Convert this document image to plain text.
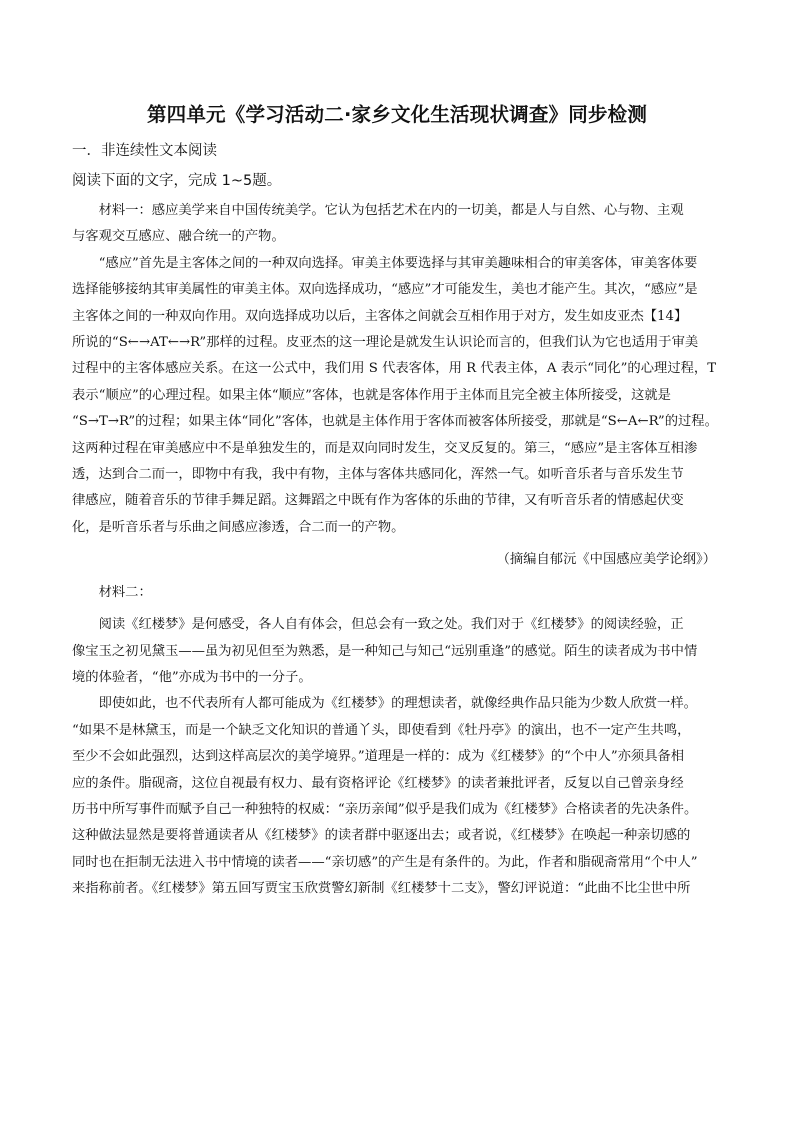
第四单元《学习活动二·家乡文化生活现状调查》同步检测
一．非连续性文本阅读
阅读下面的文字，完成 1~5题。

材料一：感应美学来自中国传统美学。它认为包括艺术在内的一切美，都是人与自然、心与物、主观

与客观交互感应、融合统一的产物。

“感应”首先是主客体之间的一种双向选择。审美主体要选择与其审美趣味相合的审美客体，审美客体要

选择能够接纳其审美属性的审美主体。双向选择成功，“感应”才可能发生，美也才能产生。其次，“感应”是

主客体之间的一种双向作用。双向选择成功以后，主客体之间就会互相作用于对方，发生如皮亚杰【14】

所说的“S←→AT←→R”那样的过程。皮亚杰的这一理论是就发生认识论而言的，但我们认为它也适用于审美

过程中的主客体感应关系。在这一公式中，我们用 S 代表客体，用 R 代表主体，A 表示“同化”的心理过程，T

表示“顺应”的心理过程。如果主体“顺应”客体，也就是客体作用于主体而且完全被主体所接受，这就是

“S→T→R”的过程；如果主体“同化”客体，也就是主体作用于客体而被客体所接受，那就是“S←A←R”的过程。

这两种过程在审美感应中不是单独发生的，而是双向同时发生，交叉反复的。第三，“感应”是主客体互相渗

透，达到合二而一，即物中有我，我中有物，主体与客体共感同化，浑然一气。如听音乐者与音乐发生节

律感应，随着音乐的节律手舞足蹈。这舞蹈之中既有作为客体的乐曲的节律，又有听音乐者的情感起伏变

化，是听音乐者与乐曲之间感应渗透，合二而一的产物。

（摘编自郁沅《中国感应美学论纲》）

材料二：

阅读《红楼梦》是何感受，各人自有体会，但总会有一致之处。我们对于《红楼梦》的阅读经验，正

像宝玉之初见黛玉——虽为初见但至为熟悉，是一种知己与知己“远别重逢”的感觉。陌生的读者成为书中情

境的体验者，“他”亦成为书中的一分子。

即使如此，也不代表所有人都可能成为《红楼梦》的理想读者，就像经典作品只能为少数人欣赏一样。

“如果不是林黛玉，而是一个缺乏文化知识的普通丫头，即使看到《牡丹亭》的演出，也不一定产生共鸣，

至少不会如此强烈，达到这样高层次的美学境界。”道理是一样的：成为《红楼梦》的“个中人”亦须具备相

应的条件。脂砚斋，这位自视最有权力、最有资格评论《红楼梦》的读者兼批评者，反复以自己曾亲身经

历书中所写事件而赋予自己一种独特的权威：“亲历亲闻”似乎是我们成为《红楼梦》合格读者的先决条件。

这种做法显然是要将普通读者从《红楼梦》的读者群中驱逐出去；或者说，《红楼梦》在唤起一种亲切感的

同时也在拒制无法进入书中情境的读者——“亲切感”的产生是有条件的。为此，作者和脂砚斋常用“个中人”

来指称前者。《红楼梦》第五回写贾宝玉欣赏警幻新制《红楼梦十二支》，警幻评说道：“此曲不比尘世中所
